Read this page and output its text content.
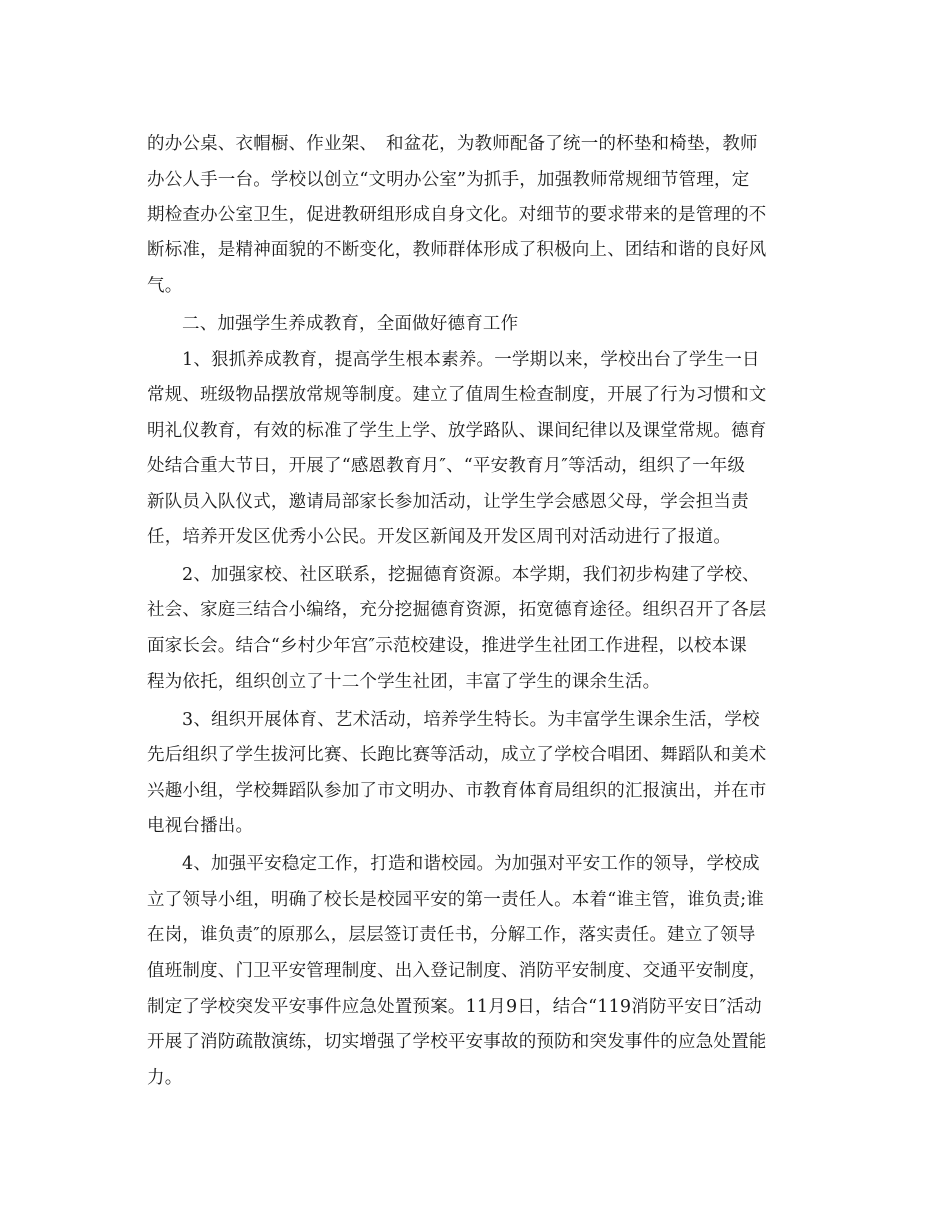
的办公桌、衣帽橱、作业架、　和盆花，为教师配备了统一的杯垫和椅垫，教师
办公人手一台。学校以创立“文明办公室”为抓手，加强教师常规细节管理，定
期检查办公室卫生，促进教研组形成自身文化。对细节的要求带来的是管理的不
断标准，是精神面貌的不断变化，教师群体形成了积极向上、团结和谐的良好风
气。
二、加强学生养成教育，全面做好德育工作
1、狠抓养成教育，提高学生根本素养。一学期以来，学校出台了学生一日
常规、班级物品摆放常规等制度。建立了值周生检查制度，开展了行为习惯和文
明礼仪教育，有效的标准了学生上学、放学路队、课间纪律以及课堂常规。德育
处结合重大节日，开展了“感恩教育月″、“平安教育月″等活动，组织了一年级
新队员入队仪式，邀请局部家长参加活动，让学生学会感恩父母，学会担当责
任，培养开发区优秀小公民。开发区新闻及开发区周刊对活动进行了报道。
2、加强家校、社区联系，挖掘德育资源。本学期，我们初步构建了学校、
社会、家庭三结合小编络，充分挖掘德育资源，拓宽德育途径。组织召开了各层
面家长会。结合“乡村少年宫″示范校建设，推进学生社团工作进程，以校本课
程为依托，组织创立了十二个学生社团，丰富了学生的课余生活。
3、组织开展体育、艺术活动，培养学生特长。为丰富学生课余生活，学校
先后组织了学生拔河比赛、长跑比赛等活动，成立了学校合唱团、舞蹈队和美术
兴趣小组，学校舞蹈队参加了市文明办、市教育体育局组织的汇报演出，并在市
电视台播出。
4、加强平安稳定工作，打造和谐校园。为加强对平安工作的领导，学校成
立了领导小组，明确了校长是校园平安的第一责任人。本着“谁主管，谁负责;谁
在岗，谁负责″的原那么，层层签订责任书，分解工作，落实责任。建立了领导
值班制度、门卫平安管理制度、出入登记制度、消防平安制度、交通平安制度，
制定了学校突发平安事件应急处置预案。11月9日，结合“119消防平安日″活动
开展了消防疏散演练，切实增强了学校平安事故的预防和突发事件的应急处置能
力。
